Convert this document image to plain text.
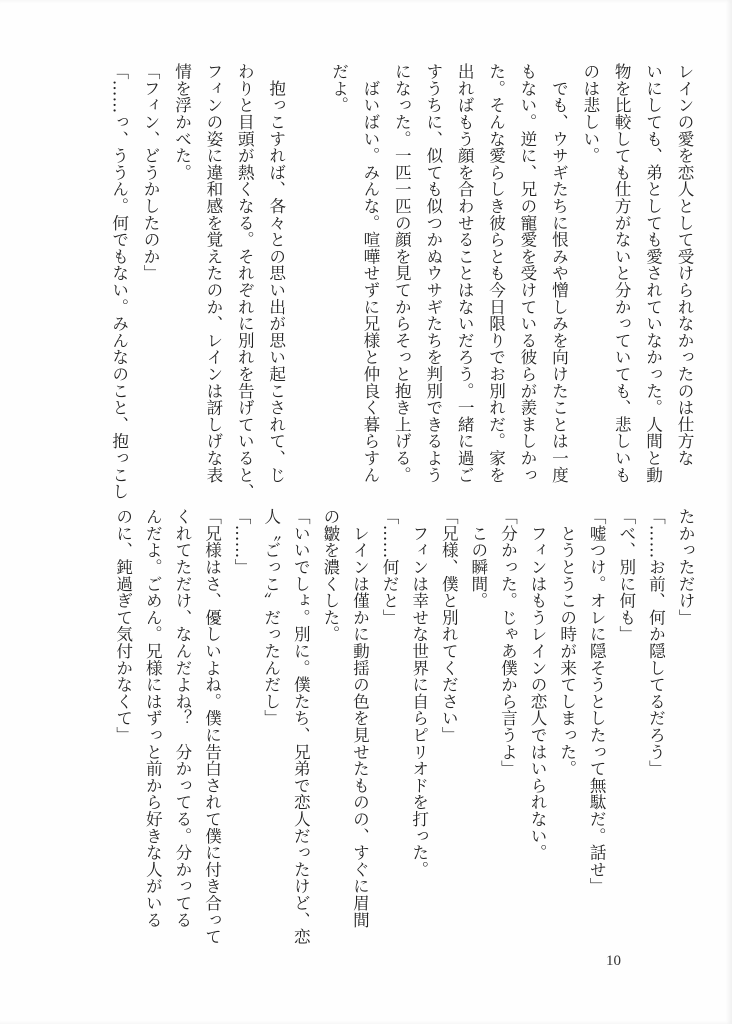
レインの愛を恋人として受けられなかったのは仕方な
いにしても、弟としても愛されていなかった。人間と動
物を比較しても仕方がないと分かっていても、悲しいも
のは悲しい。
　でも、ウサギたちに恨みや憎しみを向けたことは一度
もない。逆に、兄の寵愛を受けている彼らが羨ましかっ
た。そんな愛らしき彼らとも今日限りでお別れだ。家を
出ればもう顔を合わせることはないだろう。一緒に過ご
すうちに、似ても似つかぬウサギたちを判別できるよう
になった。一匹一匹の顔を見てからそっと抱き上げる。
　ばいばい。みんな。喧嘩せずに兄様と仲良く暮らすん
だよ。

　抱っこすれば、各々との思い出が思い起こされて、じ
わりと目頭が熱くなる。それぞれに別れを告げていると、
フィンの姿に違和感を覚えたのか、レインは訝しげな表
情を浮かべた。
「フィン、どうかしたのか」
「……っ、ううん。何でもない。みんなのこと、抱っこし
たかっただけ」
「……お前、何か隠してるだろう」
「べ、別に何も」
「嘘つけ。オレに隠そうとしたって無駄だ。話せ」
　とうとうこの時が来てしまった。
　フィンはもうレインの恋人ではいられない。
「分かった。じゃあ僕から言うよ」
　この瞬間。
「兄様、僕と別れてください」
　フィンは幸せな世界に自らピリオドを打った。
「……何だと」
　レインは僅かに動揺の色を見せたものの、すぐに眉間
の皺を濃くした。
「いいでしょ。別に。僕たち、兄弟で恋人だったけど、恋
人〝ごっこ〟だったんだし」
「……」
「兄様はさ、優しいよね。僕に告白されて僕に付き合って
くれてただけ、なんだよね？　分かってる。分かってる
んだよ。ごめん。兄様にはずっと前から好きな人がいる
のに、鈍過ぎて気付かなくて」
10
